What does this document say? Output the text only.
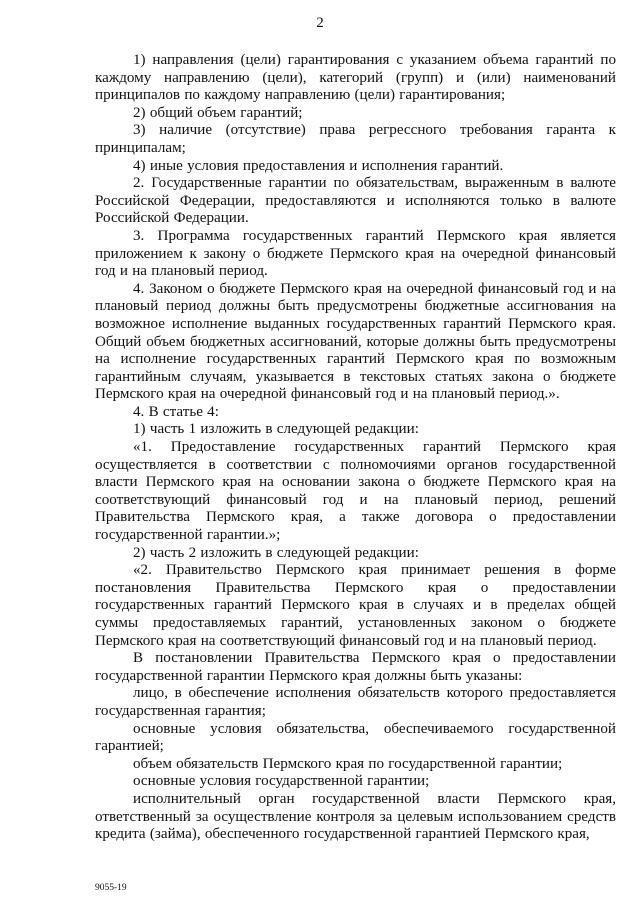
2

1) направления (цели) гарантирования с указанием объема гарантий по каждому направлению (цели), категорий (групп) и (или) наименований принципалов по каждому направлению (цели) гарантирования;

2) общий объем гарантий;

3) наличие (отсутствие) права регрессного требования гаранта к принципалам;

4) иные условия предоставления и исполнения гарантий.

2. Государственные гарантии по обязательствам, выраженным в валюте Российской Федерации, предоставляются и исполняются только в валюте Российской Федерации.

3. Программа государственных гарантий Пермского края является приложением к закону о бюджете Пермского края на очередной финансовый год и на плановый период.

4. Законом о бюджете Пермского края на очередной финансовый год и на плановый период должны быть предусмотрены бюджетные ассигнования на возможное исполнение выданных государственных гарантий Пермского края. Общий объем бюджетных ассигнований, которые должны быть предусмотрены на исполнение государственных гарантий Пермского края по возможным гарантийным случаям, указывается в текстовых статьях закона о бюджете Пермского края на очередной финансовый год и на плановый период.».

4. В статье 4:

1) часть 1 изложить в следующей редакции:

«1. Предоставление государственных гарантий Пермского края осуществляется в соответствии с полномочиями органов государственной власти Пермского края на основании закона о бюджете Пермского края на соответствующий финансовый год и на плановый период, решений Правительства Пермского края, а также договора о предоставлении государственной гарантии.»;

2) часть 2 изложить в следующей редакции:

«2. Правительство Пермского края принимает решения в форме постановления Правительства Пермского края о предоставлении государственных гарантий Пермского края в случаях и в пределах общей суммы предоставляемых гарантий, установленных законом о бюджете Пермского края на соответствующий финансовый год и на плановый период.

В постановлении Правительства Пермского края о предоставлении государственной гарантии Пермского края должны быть указаны:

лицо, в обеспечение исполнения обязательств которого предоставляется государственная гарантия;

основные условия обязательства, обеспечиваемого государственной гарантией;

объем обязательств Пермского края по государственной гарантии;

основные условия государственной гарантии;

исполнительный орган государственной власти Пермского края, ответственный за осуществление контроля за целевым использованием средств кредита (займа), обеспеченного государственной гарантией Пермского края,

9055-19
